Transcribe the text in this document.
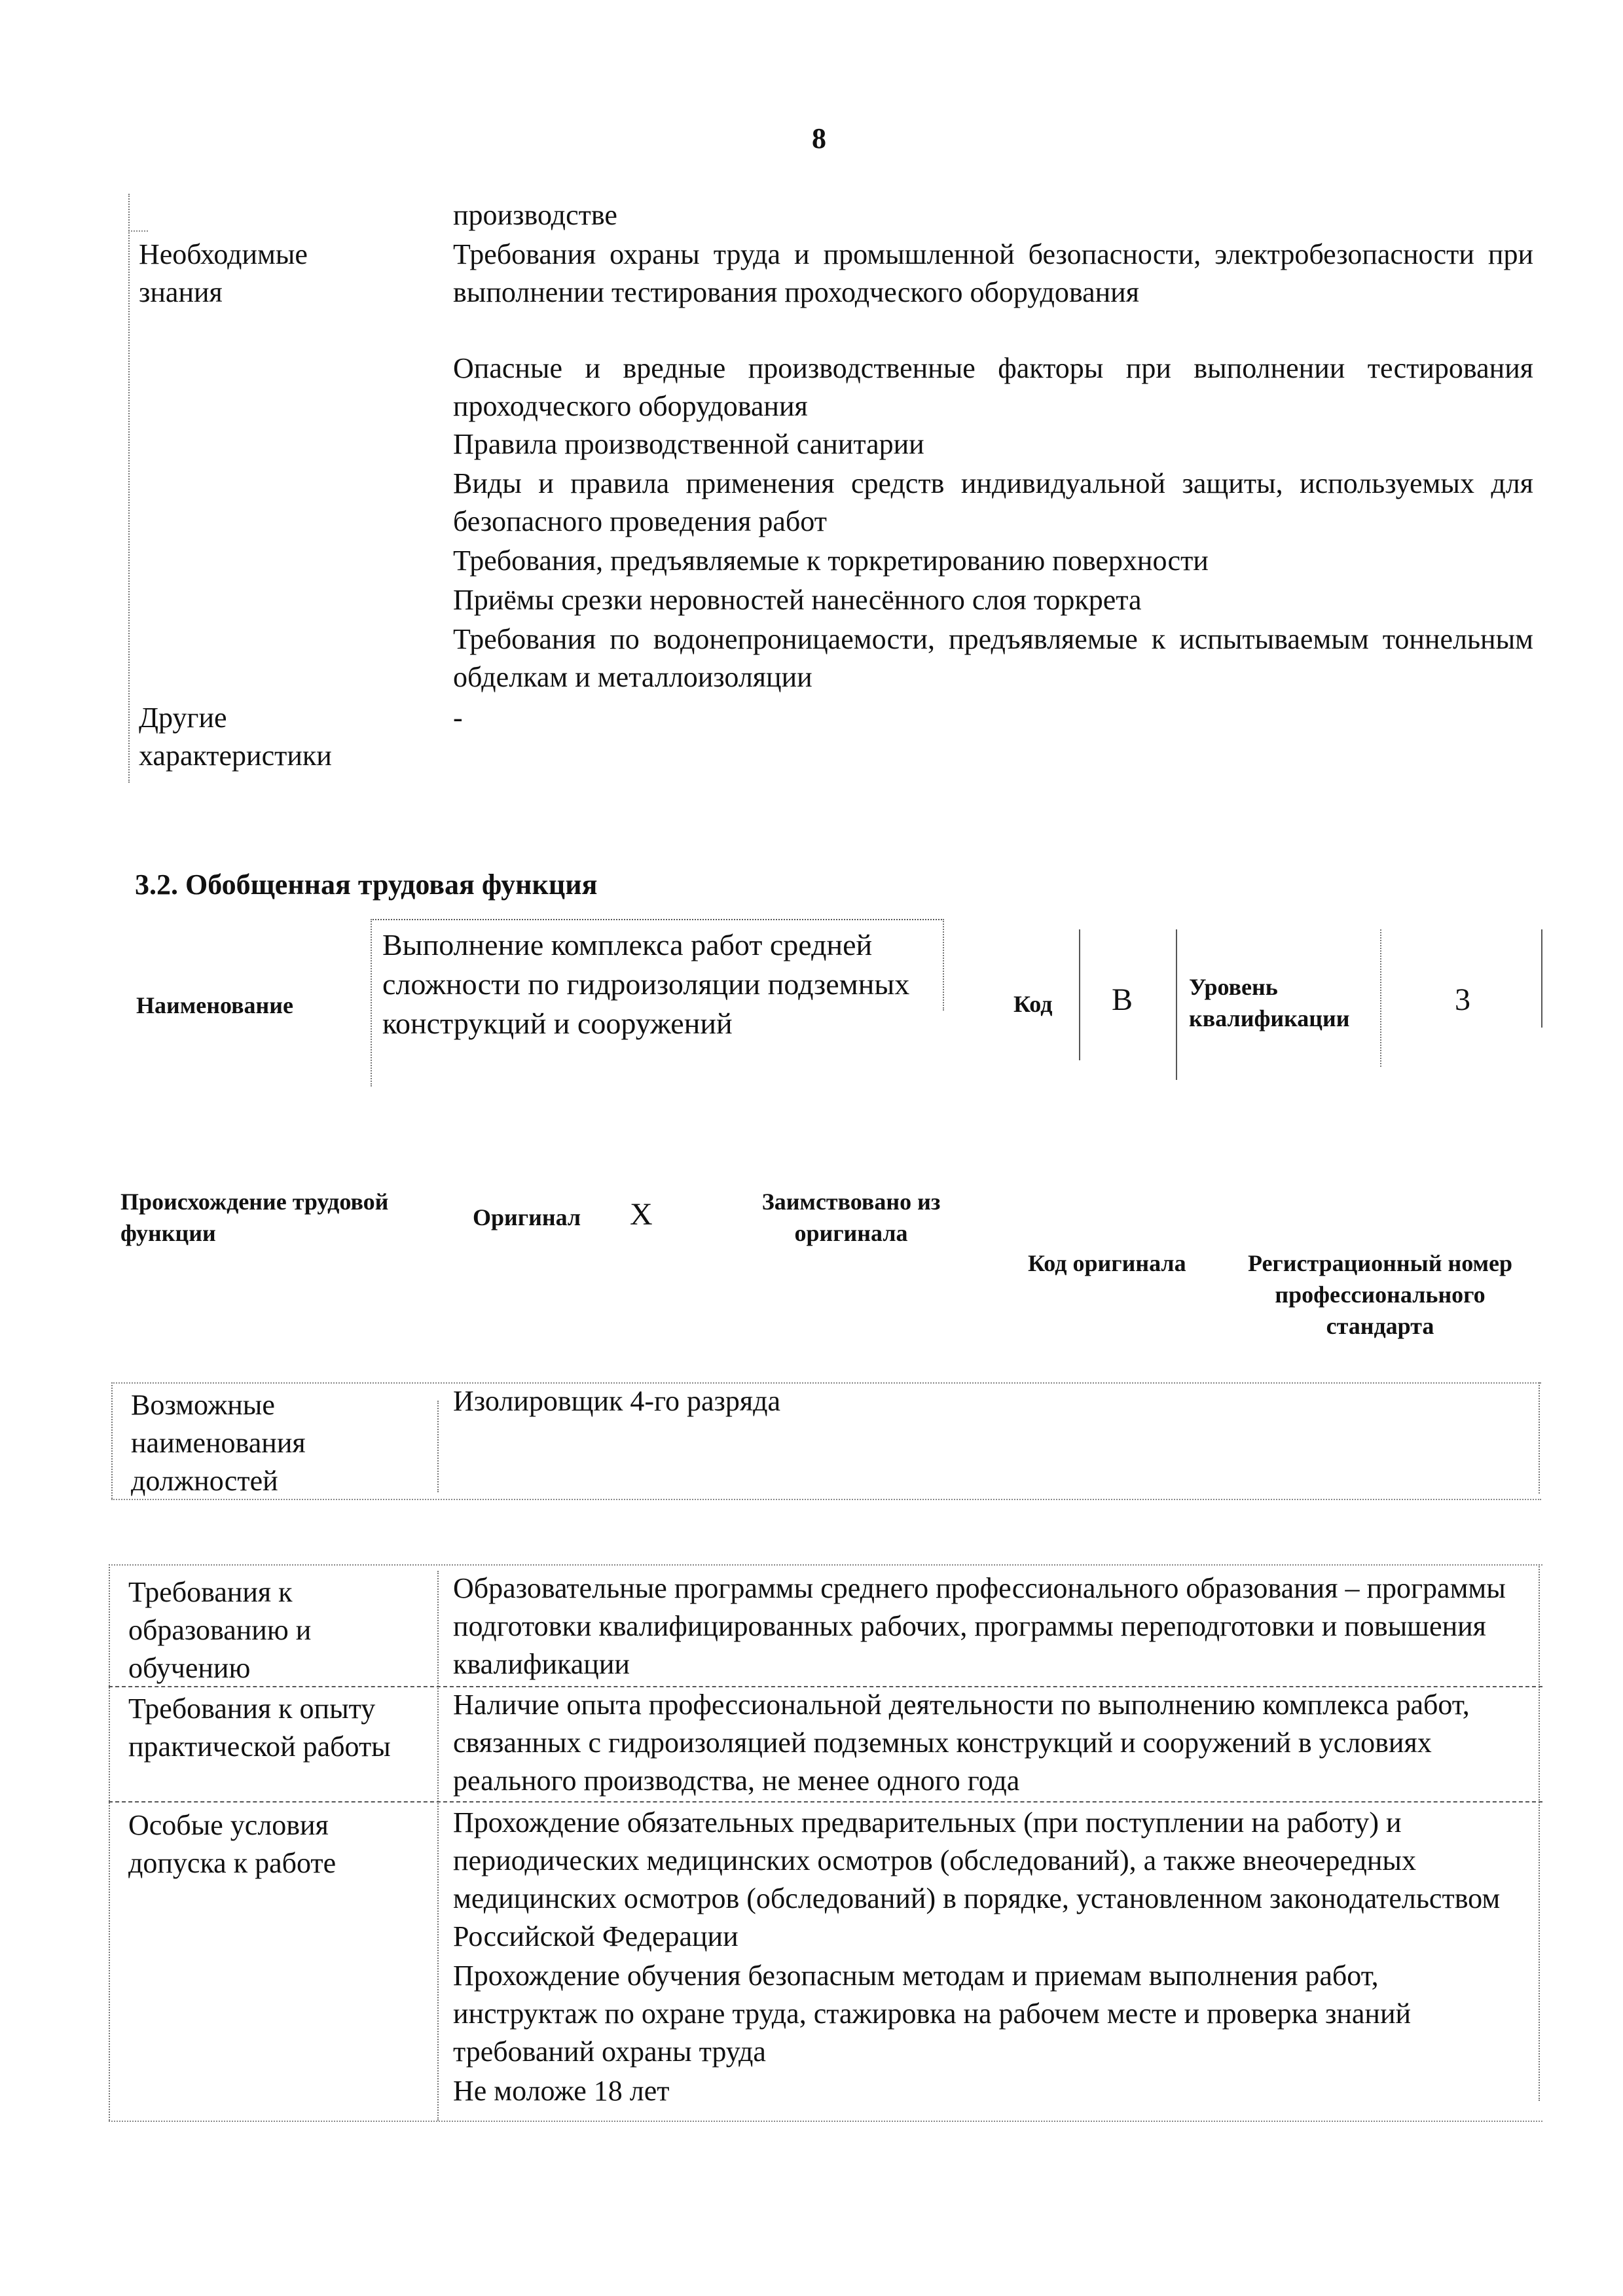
8
производстве
Необходимые знания
Требования охраны труда и промышленной безопасности, электробезопасности при выполнении тестирования проходческого оборудования
Опасные и вредные производственные факторы при выполнении тестирования проходческого оборудования
Правила производственной санитарии
Виды и правила применения средств индивидуальной защиты, используемых для безопасного проведения работ
Требования, предъявляемые к торкретированию поверхности
Приёмы срезки неровностей нанесённого слоя торкрета
Требования по водонепроницаемости, предъявляемые к испытываемым тоннельным обделкам и металлоизоляции
Другие характеристики
-
3.2. Обобщенная трудовая функция
Наименование
Выполнение комплекса работ средней сложности по гидроизоляции подземных конструкций и сооружений
Код B Уровень квалификации
3
Происхождение трудовой функции
Оригинал X	Заимствовано из оригинала
Код оригинала	Регистрационный номер профессионального стандарта
Возможные наименования должностей
Изолировщик 4-го разряда
Требования к образованию и обучению
Образовательные программы среднего профессионального образования – программы подготовки квалифицированных рабочих, программы переподготовки и повышения квалификации
Требования к опыту практической работы
Наличие опыта профессиональной деятельности по выполнению комплекса работ, связанных с гидроизоляцией подземных конструкций и сооружений в условиях реального производства, не менее одного года
Особые условия допуска к работе
Прохождение обязательных предварительных (при поступлении на работу) и периодических медицинских осмотров (обследований), а также внеочередных медицинских осмотров (обследований) в порядке, установленном законодательством Российской Федерации
Прохождение обучения безопасным методам и приемам выполнения работ, инструктаж по охране труда, стажировка на рабочем месте и проверка знаний требований охраны труда
Не моложе 18 лет
